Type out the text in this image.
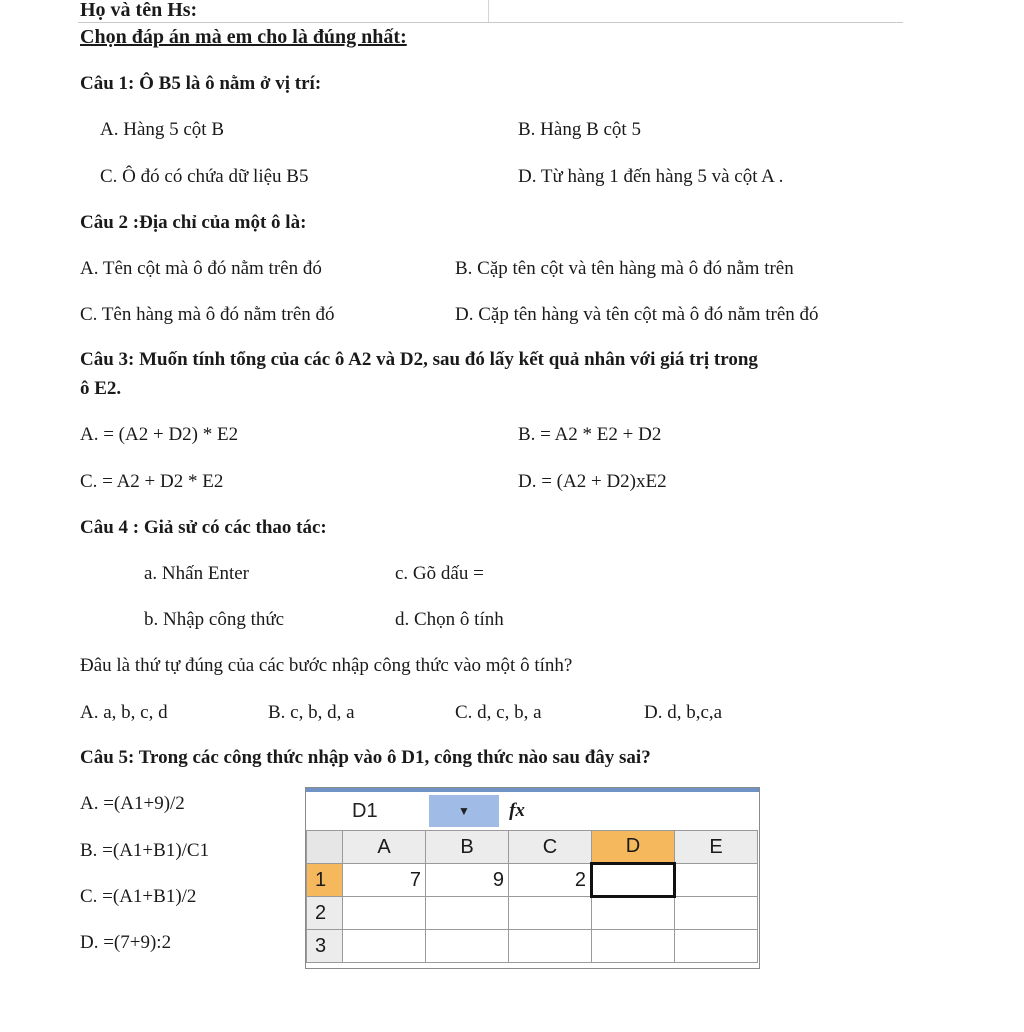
Họ và tên Hs:
Chọn đáp án mà em cho là đúng nhất:
Câu 1: Ô B5 là ô nằm ở vị trí:
A. Hàng 5 cột B	B. Hàng B cột 5
C. Ô đó có chứa dữ liệu B5	D. Từ hàng 1 đến hàng 5 và cột A .
Câu 2 :Địa chỉ của một ô là:
A. Tên cột mà ô đó nằm trên đó	B. Cặp tên cột và tên hàng mà ô đó nằm trên
C. Tên hàng mà ô đó nằm trên đó	D. Cặp tên hàng và tên cột mà ô đó nằm trên đó
Câu 3: Muốn tính tổng của các ô A2 và D2, sau đó lấy kết quả nhân với giá trị trong
ô E2.
A. = (A2 + D2) * E2	B. = A2 * E2 + D2
C. = A2 + D2 * E2	D. = (A2 + D2)xE2
Câu 4 : Giả sử có các thao tác:
a. Nhấn Enter	c. Gõ dấu =
b. Nhập công thức	d. Chọn ô tính
Đâu là thứ tự đúng của các bước nhập công thức vào một ô tính?
A. a, b, c, d	B. c, b, d, a	C. d, c, b, a	D. d, b,c,a
Câu 5: Trong các công thức nhập vào ô D1, công thức nào sau đây sai?
A. =(A1+9)/2
B. =(A1+B1)/C1
C. =(A1+B1)/2
D. =(7+9):2
D1	▼	fx
	A	B	C	D	E
1	7	9	2		
2					
3					
